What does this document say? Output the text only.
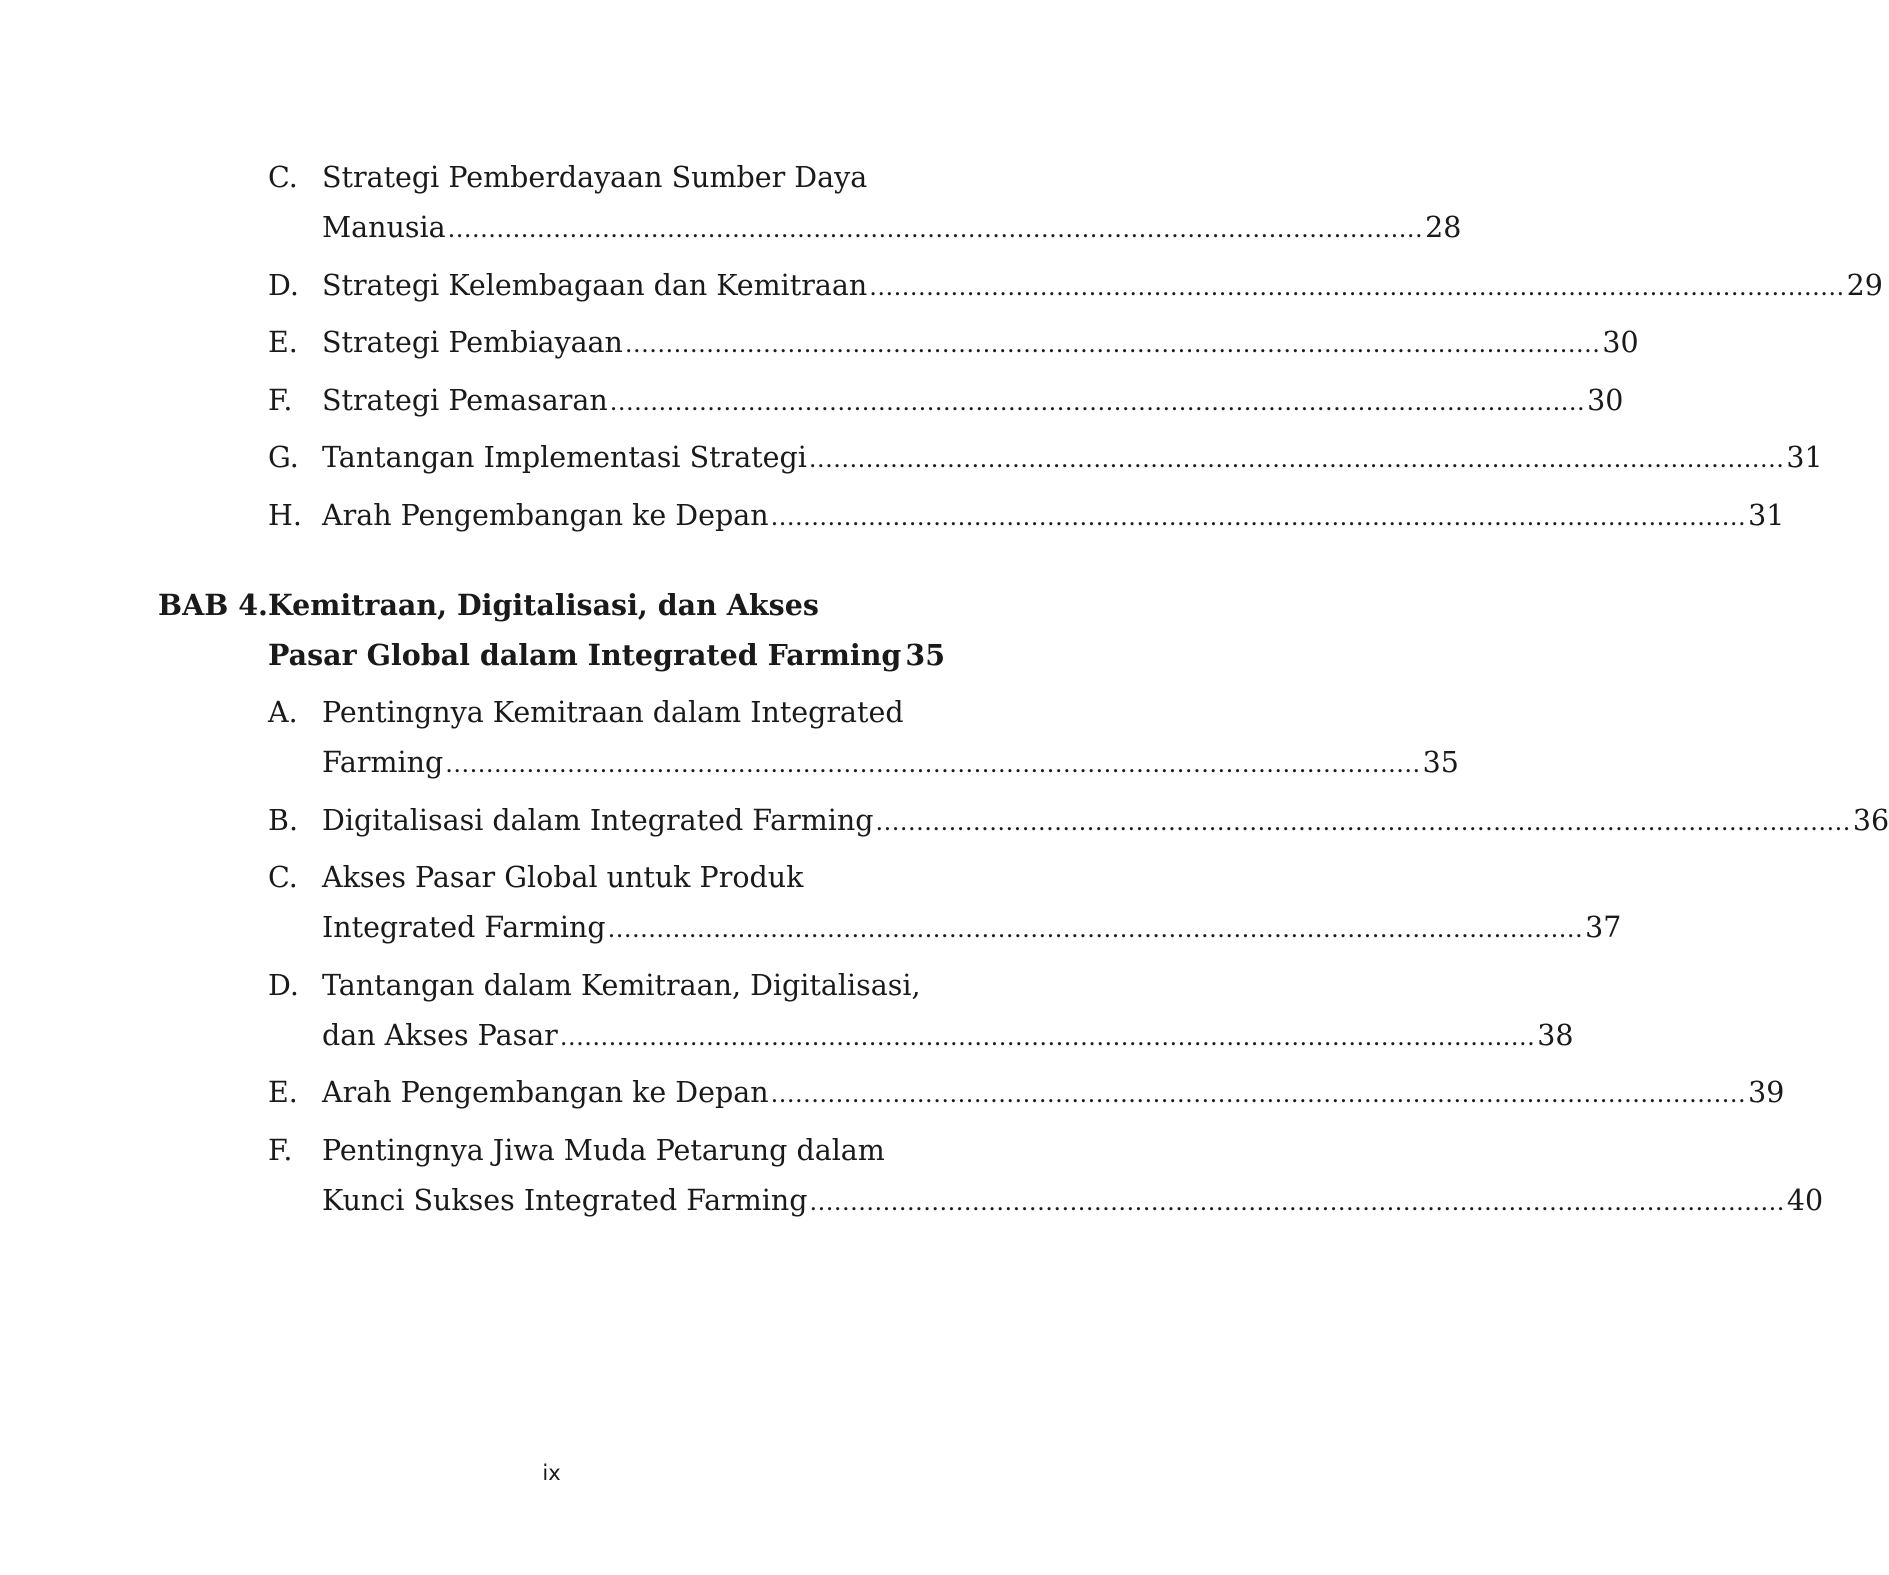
C. Strategi Pemberdayaan Sumber Daya
Manusia ........................................................................................................................ 28
D. Strategi Kelembagaan dan Kemitraan ........................................................................................................................ 29
E. Strategi Pembiayaan ........................................................................................................................ 30
F. Strategi Pemasaran ........................................................................................................................ 30
G. Tantangan Implementasi Strategi ........................................................................................................................ 31
H. Arah Pengembangan ke Depan ........................................................................................................................ 31
BAB 4. Kemitraan, Digitalisasi, dan Akses
Pasar Global dalam Integrated Farming 35
A. Pentingnya Kemitraan dalam Integrated
Farming ........................................................................................................................ 35
B. Digitalisasi dalam Integrated Farming ........................................................................................................................ 36
C. Akses Pasar Global untuk Produk
Integrated Farming ........................................................................................................................ 37
D. Tantangan dalam Kemitraan, Digitalisasi,
dan Akses Pasar ........................................................................................................................ 38
E. Arah Pengembangan ke Depan ........................................................................................................................ 39
F. Pentingnya Jiwa Muda Petarung dalam
Kunci Sukses Integrated Farming ........................................................................................................................ 40
ix
